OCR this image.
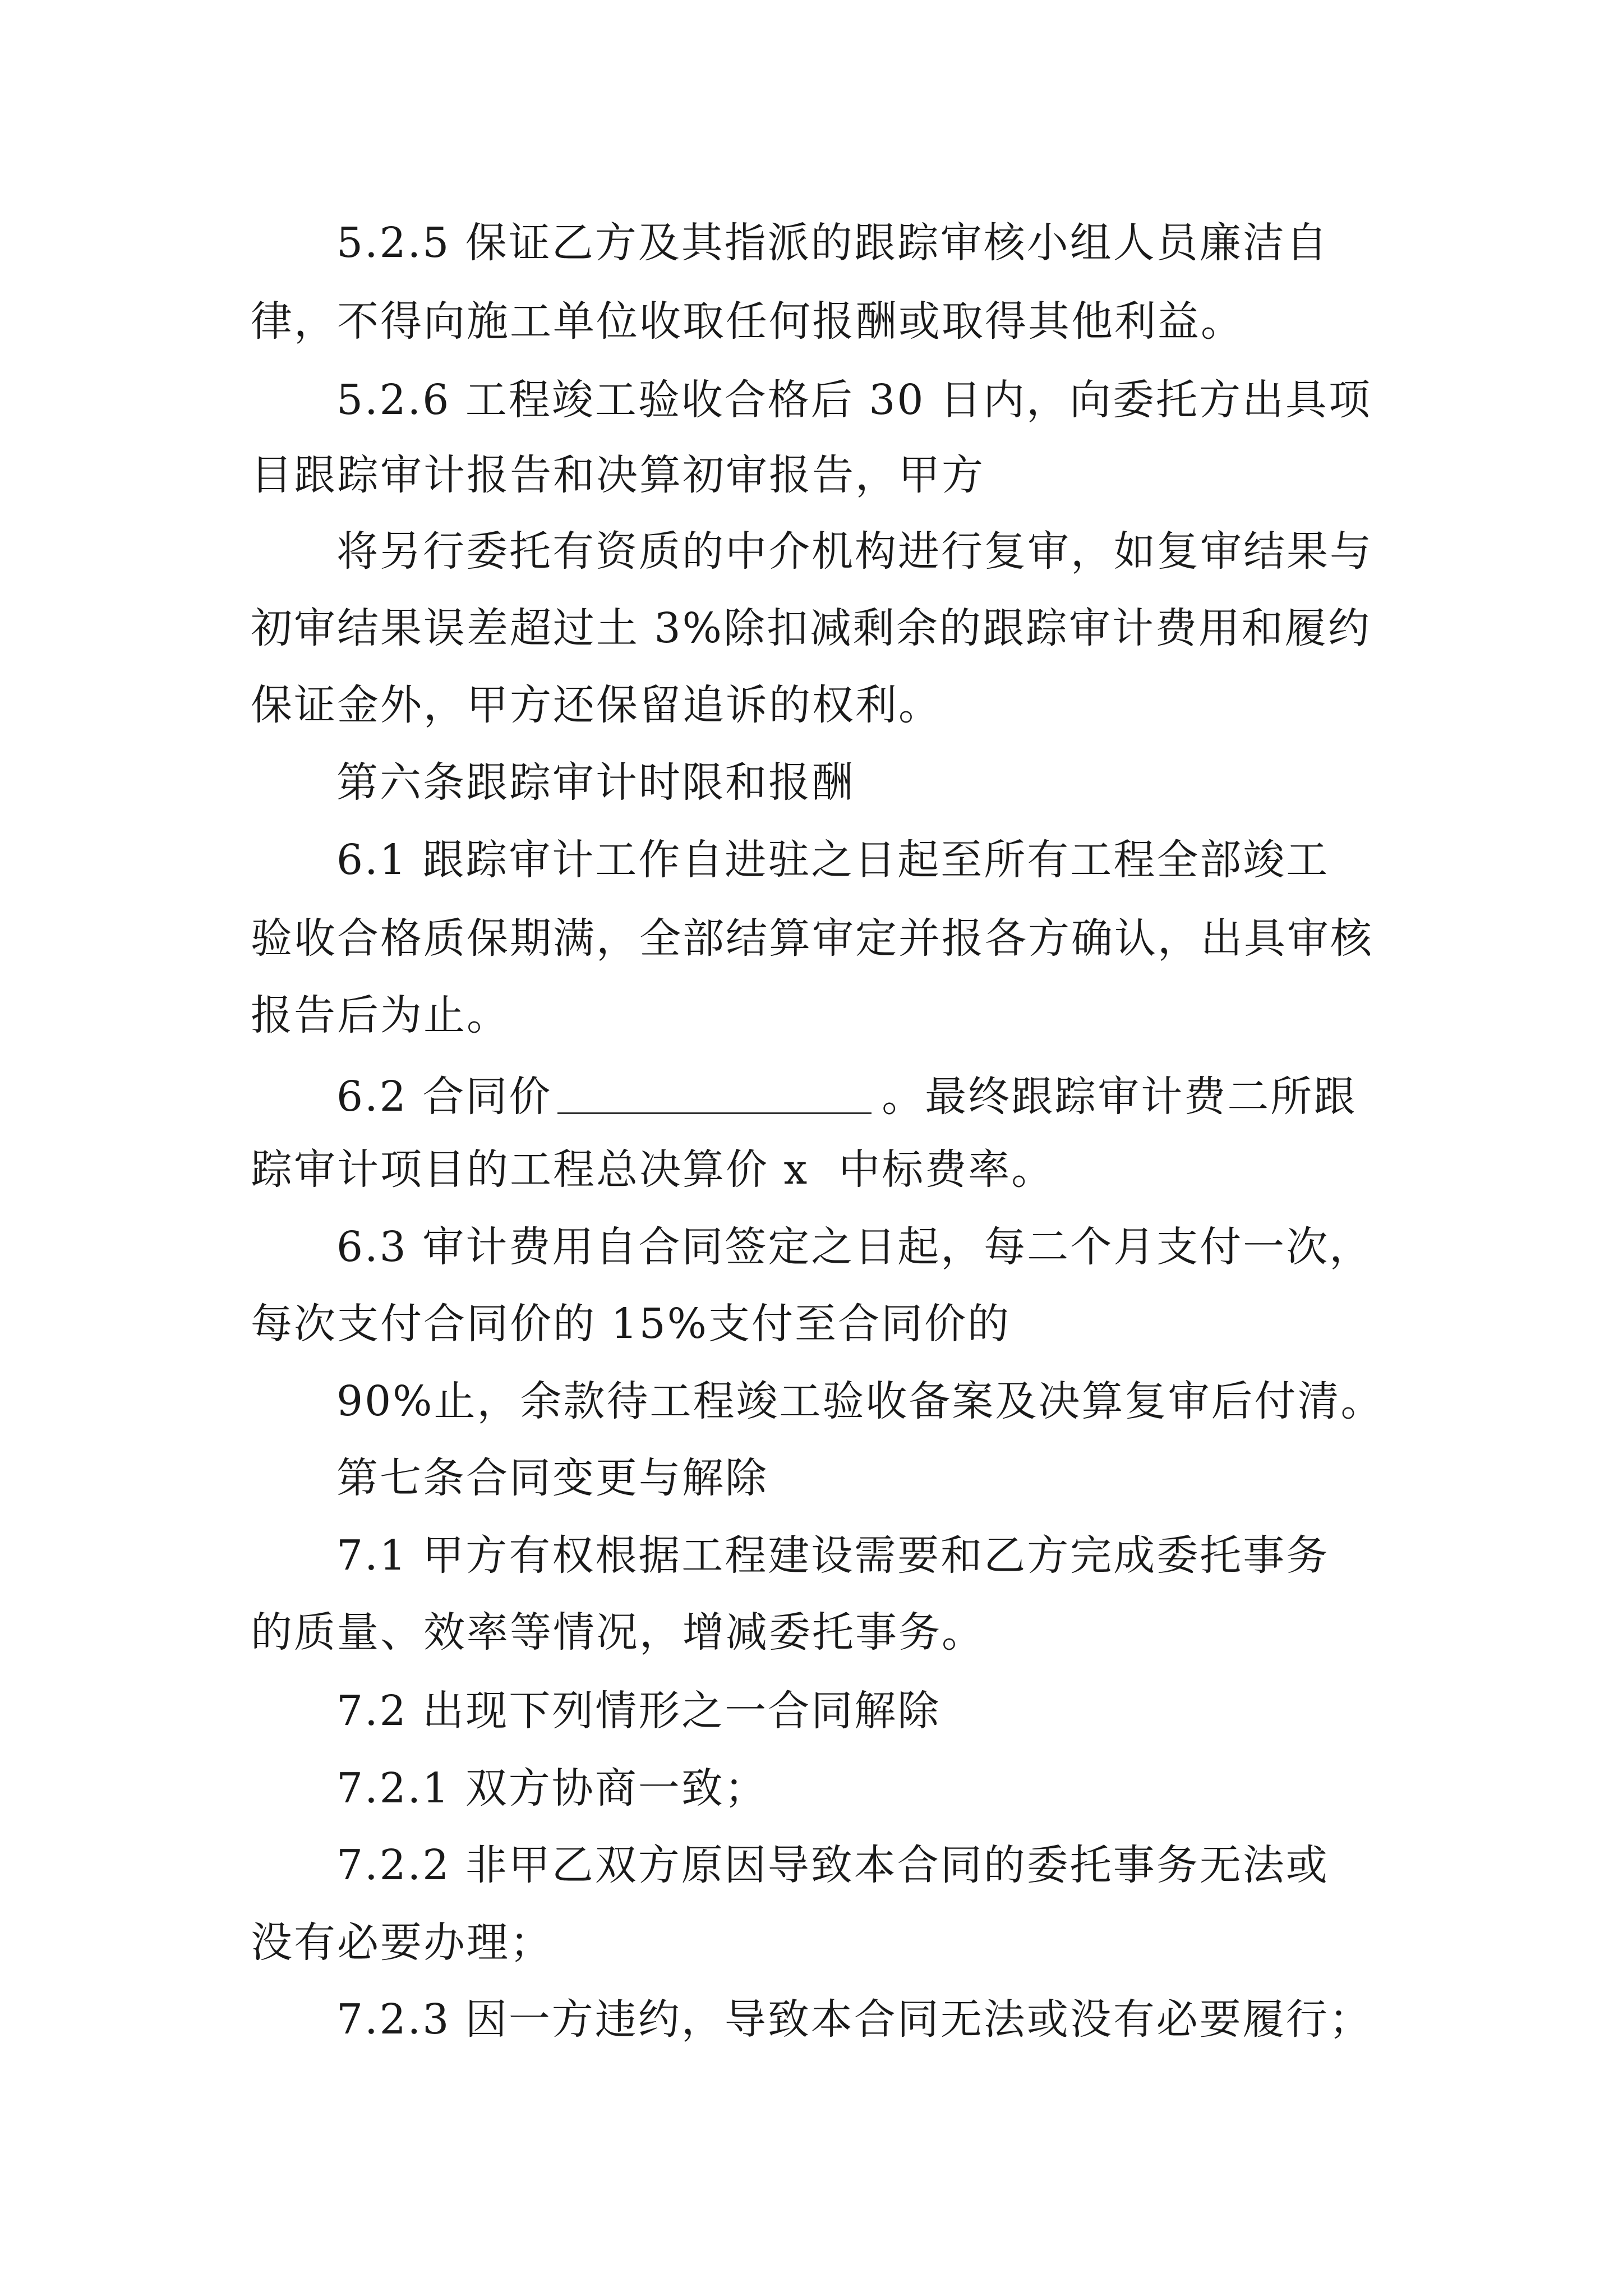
5.2.5 保证乙方及其指派的跟踪审核小组人员廉洁自
律，不得向施工单位收取任何报酬或取得其他利益。
5.2.6 工程竣工验收合格后 30 日内，向委托方出具项
目跟踪审计报告和决算初审报告，甲方
将另行委托有资质的中介机构进行复审，如复审结果与
初审结果误差超过土 3%除扣减剩余的跟踪审计费用和履约
保证金外，甲方还保留追诉的权利。
第六条跟踪审计时限和报酬
6.1 跟踪审计工作自进驻之日起至所有工程全部竣工
验收合格质保期满，全部结算审定并报各方确认，出具审核
报告后为止。
6.2 合同价	。最终跟踪审计费二所跟
踪审计项目的工程总决算价 x  中标费率。
6.3 审计费用自合同签定之日起，每二个月支付一次，
每次支付合同价的 15%支付至合同价的
90%止，余款待工程竣工验收备案及决算复审后付清。
第七条合同变更与解除
7.1 甲方有权根据工程建设需要和乙方完成委托事务
的质量、效率等情况，增减委托事务。
7.2 出现下列情形之一合同解除
7.2.1 双方协商一致；
7.2.2 非甲乙双方原因导致本合同的委托事务无法或
没有必要办理；
7.2.3 因一方违约，导致本合同无法或没有必要履行；
